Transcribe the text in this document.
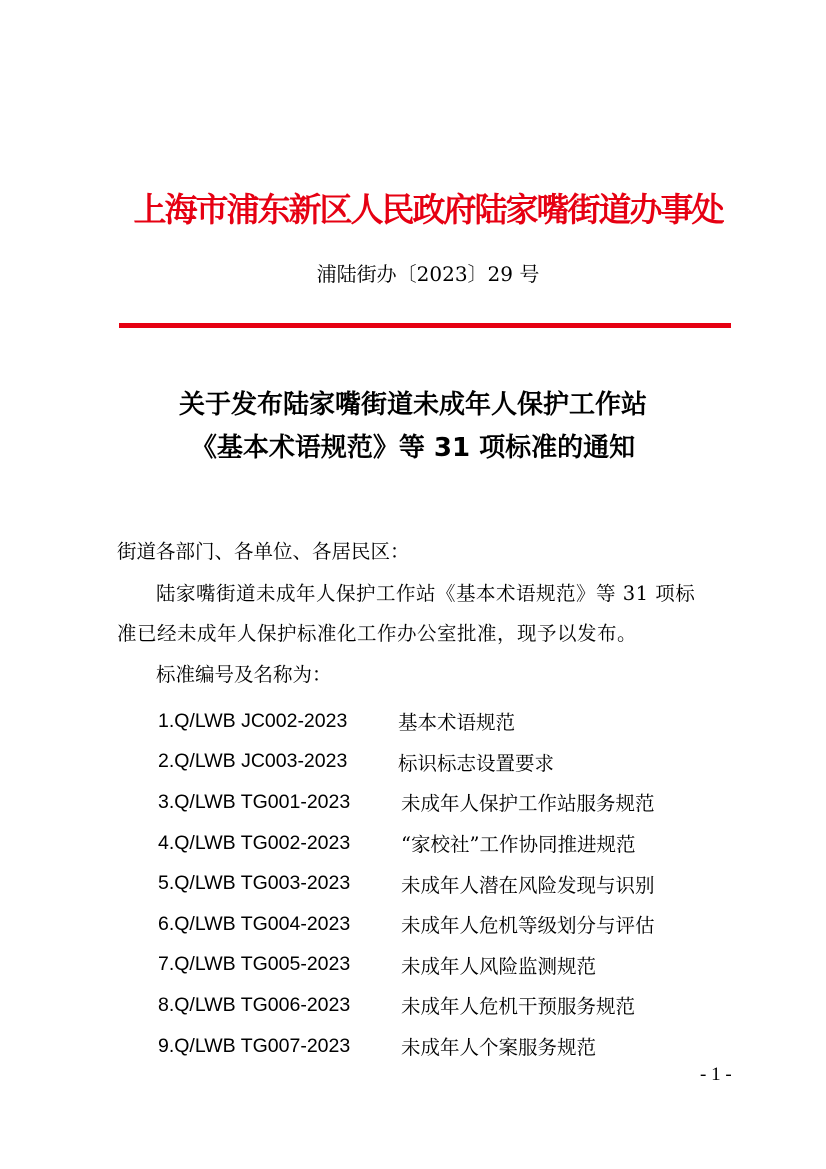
上海市浦东新区人民政府陆家嘴街道办事处
浦陆街办〔2023〕29 号
关于发布陆家嘴街道未成年人保护工作站
《基本术语规范》等 31 项标准的通知
街道各部门、各单位、各居民区：
陆家嘴街道未成年人保护工作站《基本术语规范》等 31 项标
准已经未成年人保护标准化工作办公室批准，现予以发布。
标准编号及名称为：
1.Q/LWB JC002-2023	基本术语规范
2.Q/LWB JC003-2023	标识标志设置要求
3.Q/LWB TG001-2023	未成年人保护工作站服务规范
4.Q/LWB TG002-2023	“家校社”工作协同推进规范
5.Q/LWB TG003-2023	未成年人潜在风险发现与识别
6.Q/LWB TG004-2023	未成年人危机等级划分与评估
7.Q/LWB TG005-2023	未成年人风险监测规范
8.Q/LWB TG006-2023	未成年人危机干预服务规范
9.Q/LWB TG007-2023	未成年人个案服务规范
- 1 -
